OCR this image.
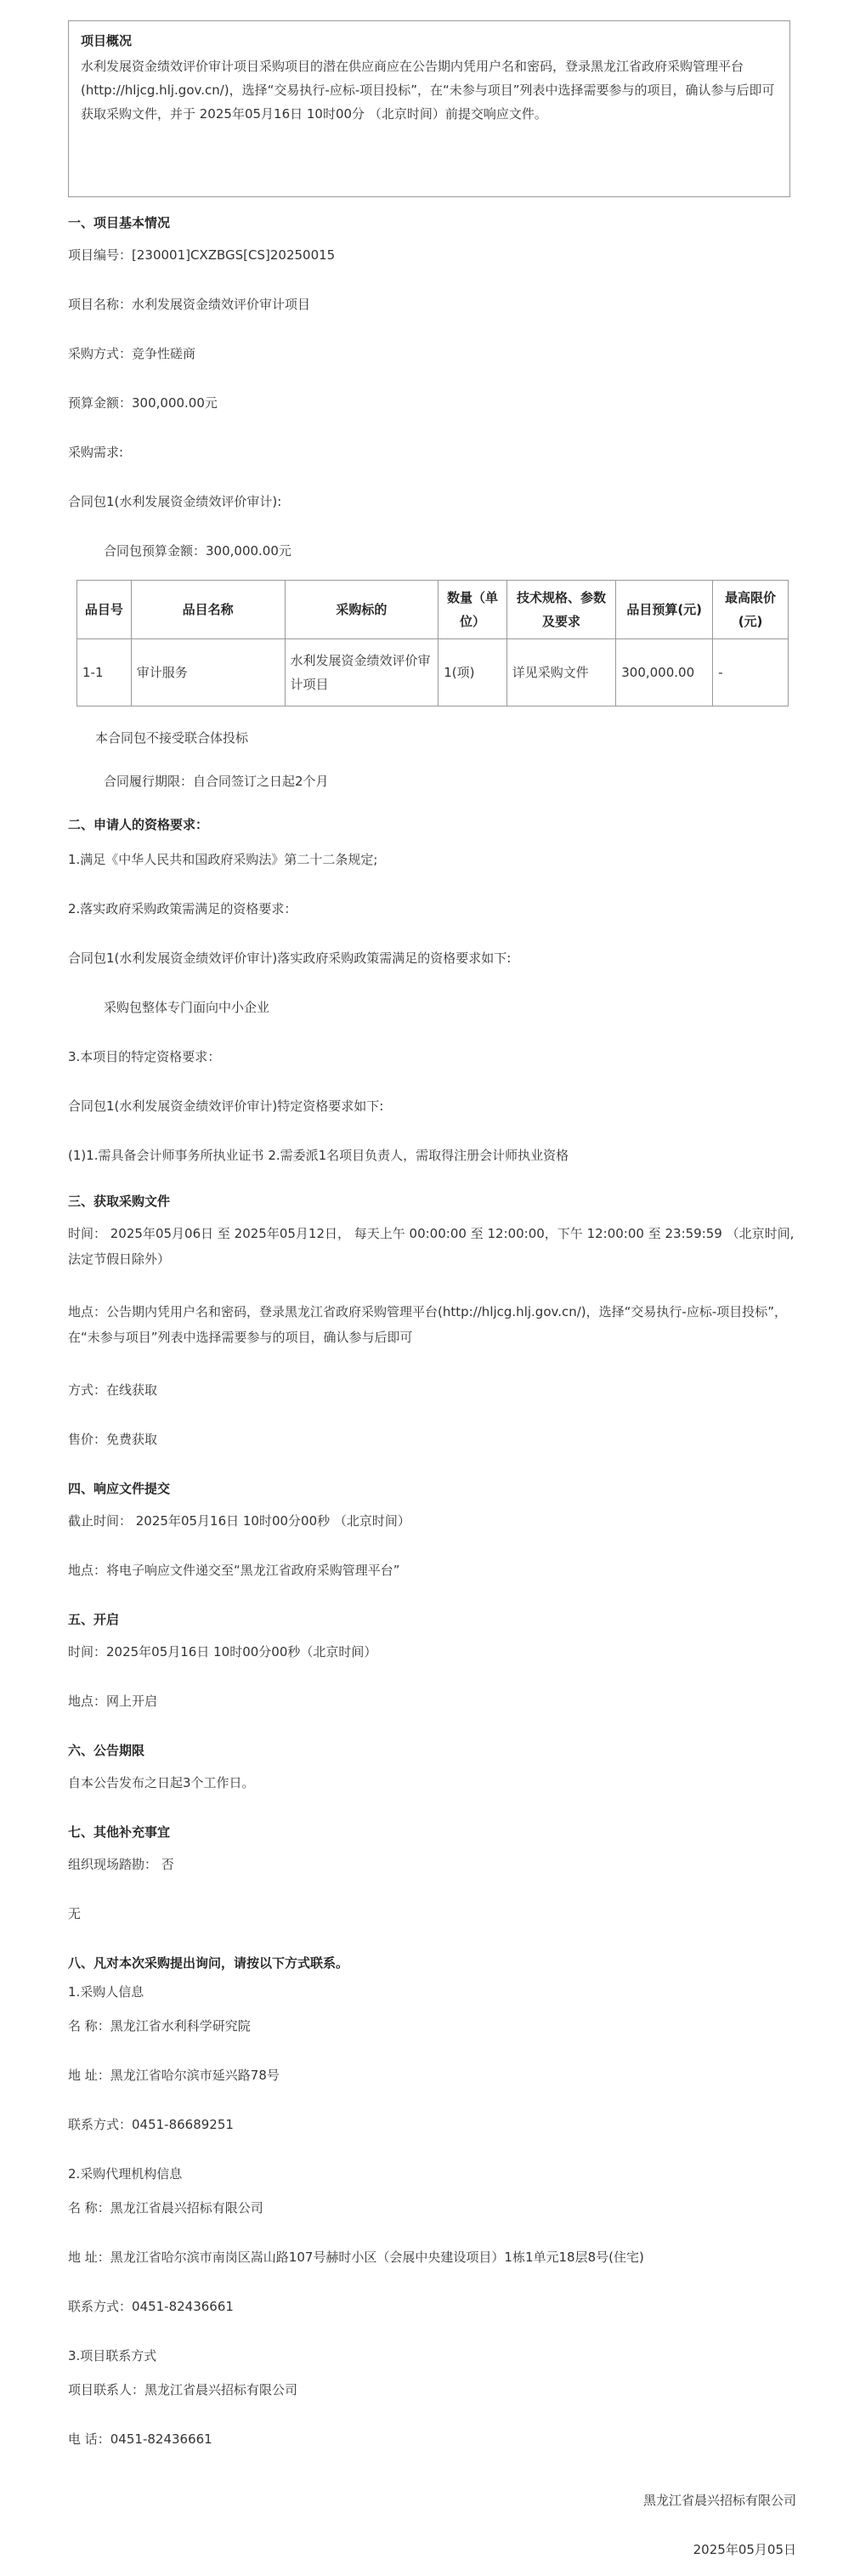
项目概况

水利发展资金绩效评价审计项目采购项目的潜在供应商应在公告期内凭用户名和密码，登录黑龙江省政府采购管理平台(http://hljcg.hlj.gov.cn/)，选择“交易执行-应标-项目投标”，在“未参与项目”列表中选择需要参与的项目，确认参与后即可

获取采购文件，并于 2025年05月16日 10时00分 （北京时间）前提交响应文件。

一、项目基本情况
项目编号：[230001]CXZBGS[CS]20250015
项目名称：水利发展资金绩效评价审计项目
采购方式：竞争性磋商
预算金额：300,000.00元
采购需求:
合同包1(水利发展资金绩效评价审计):
合同包预算金额：300,000.00元
品目号	品目名称	采购标的	数量（单位）	技术规格、参数及要求	品目预算(元)	最高限价(元)
1-1	审计服务	水利发展资金绩效评价审计项目	1(项)	详见采购文件	300,000.00	-
本合同包不接受联合体投标
合同履行期限：自合同签订之日起2个月
二、申请人的资格要求：
1.满足《中华人民共和国政府采购法》第二十二条规定;
2.落实政府采购政策需满足的资格要求：
合同包1(水利发展资金绩效评价审计)落实政府采购政策需满足的资格要求如下:
采购包整体专门面向中小企业
3.本项目的特定资格要求：
合同包1(水利发展资金绩效评价审计)特定资格要求如下:
(1)1.需具备会计师事务所执业证书 2.需委派1名项目负责人，需取得注册会计师执业资格
三、获取采购文件
时间： 2025年05月06日 至 2025年05月12日， 每天上午 00:00:00 至 12:00:00，下午 12:00:00 至 23:59:59 （北京时间,法定节假日除外）
地点：公告期内凭用户名和密码，登录黑龙江省政府采购管理平台(http://hljcg.hlj.gov.cn/)，选择“交易执行-应标-项目投标”，在“未参与项目”列表中选择需要参与的项目，确认参与后即可
方式：在线获取
售价：免费获取
四、响应文件提交
截止时间： 2025年05月16日 10时00分00秒 （北京时间）
地点：将电子响应文件递交至“黑龙江省政府采购管理平台”
五、开启
时间：2025年05月16日 10时00分00秒（北京时间）
地点：网上开启
六、公告期限
自本公告发布之日起3个工作日。
七、其他补充事宜
组织现场踏勘： 否
无
八、凡对本次采购提出询问，请按以下方式联系。
1.采购人信息
名 称：黑龙江省水利科学研究院
地 址：黑龙江省哈尔滨市延兴路78号
联系方式：0451-86689251
2.采购代理机构信息
名 称：黑龙江省晨兴招标有限公司
地 址：黑龙江省哈尔滨市南岗区嵩山路107号赫时小区（会展中央建设项目）1栋1单元18层8号(住宅)
联系方式：0451-82436661
3.项目联系方式
项目联系人：黑龙江省晨兴招标有限公司
电 话：0451-82436661
黑龙江省晨兴招标有限公司
2025年05月05日
